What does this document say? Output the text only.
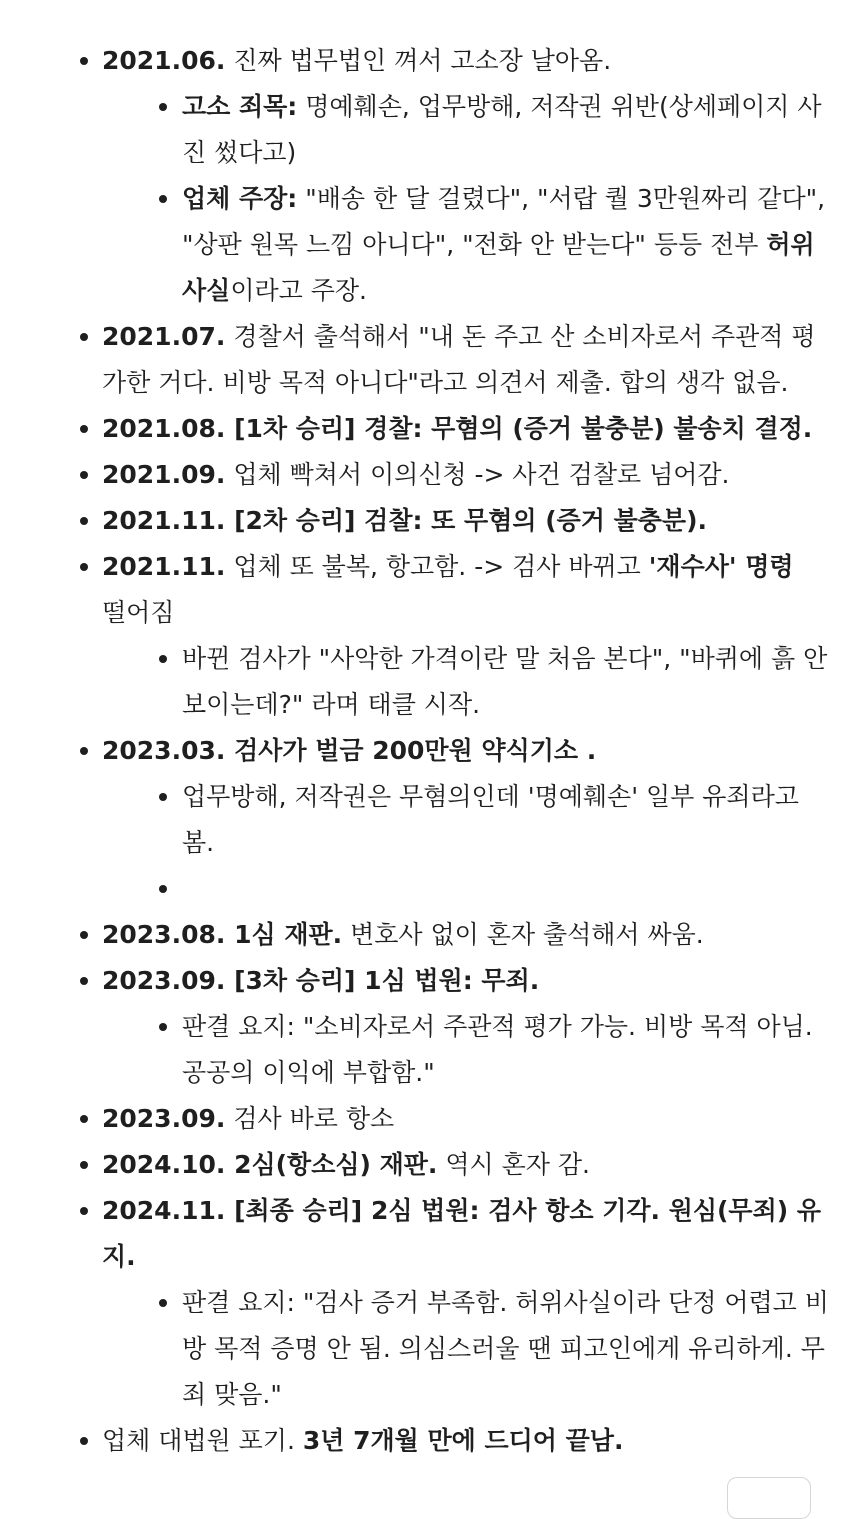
2021.06. 진짜 법무법인 껴서 고소장 날아옴.
고소 죄목: 명예훼손, 업무방해, 저작권 위반(상세페이지 사진 썼다고)
업체 주장: "배송 한 달 걸렸다", "서랍 퀄 3만원짜리 같다", "상판 원목 느낌 아니다", "전화 안 받는다" 등등 전부 허위사실이라고 주장.
2021.07. 경찰서 출석해서 "내 돈 주고 산 소비자로서 주관적 평가한 거다. 비방 목적 아니다"라고 의견서 제출. 합의 생각 없음.
2021.08. [1차 승리] 경찰: 무혐의 (증거 불충분) 불송치 결정.
2021.09. 업체 빡쳐서 이의신청 -> 사건 검찰로 넘어감.
2021.11. [2차 승리] 검찰: 또 무혐의 (증거 불충분).
2021.11. 업체 또 불복, 항고함. -> 검사 바뀌고 '재수사' 명령 떨어짐
바뀐 검사가 "사악한 가격이란 말 처음 본다", "바퀴에 흙 안 보이는데?" 라며 태클 시작.
2023.03. 검사가 벌금 200만원 약식기소 .
업무방해, 저작권은 무혐의인데 '명예훼손' 일부 유죄라고 봄.

2023.08. 1심 재판. 변호사 없이 혼자 출석해서 싸움.
2023.09. [3차 승리] 1심 법원: 무죄.
판결 요지: "소비자로서 주관적 평가 가능. 비방 목적 아님. 공공의 이익에 부합함."
2023.09. 검사 바로 항소
2024.10. 2심(항소심) 재판. 역시 혼자 감.
2024.11. [최종 승리] 2심 법원: 검사 항소 기각. 원심(무죄) 유지.
판결 요지: "검사 증거 부족함. 허위사실이라 단정 어렵고 비방 목적 증명 안 됨. 의심스러울 땐 피고인에게 유리하게. 무죄 맞음."
업체 대법원 포기. 3년 7개월 만에 드디어 끝남.
